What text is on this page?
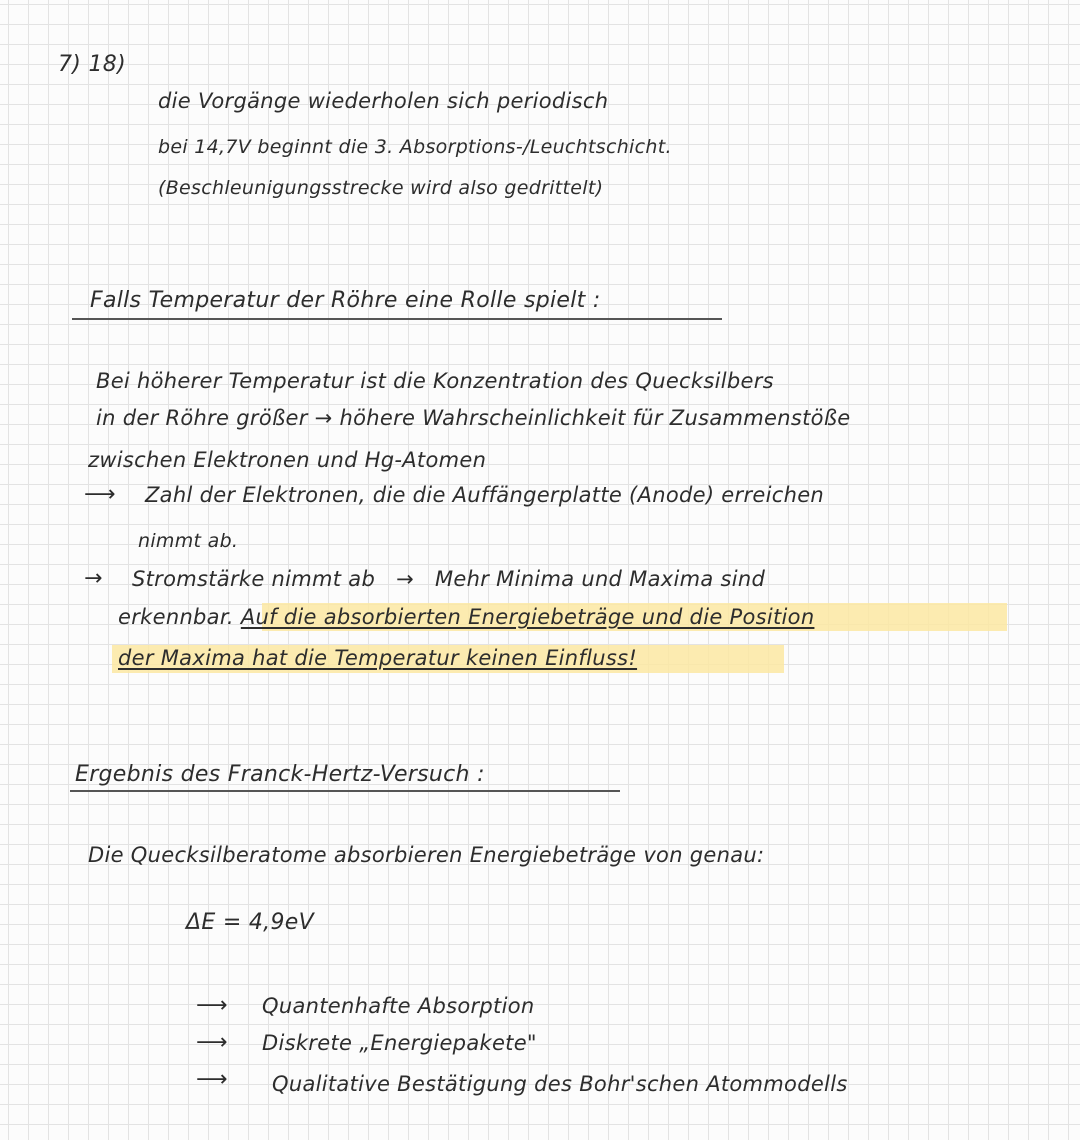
7) 18)
die Vorgänge wiederholen sich periodisch
bei 14,7V beginnt die 3. Absorptions-/Leuchtschicht.
(Beschleunigungsstrecke wird also gedrittelt)
Falls Temperatur der Röhre eine Rolle spielt :
Bei höherer Temperatur ist die Konzentration des Quecksilbers
in der Röhre größer → höhere Wahrscheinlichkeit für Zusammenstöße
zwischen Elektronen und Hg-Atomen
⟶ Zahl der Elektronen, die die Auffängerplatte (Anode) erreichen
nimmt ab.
→ Stromstärke nimmt ab → Mehr Minima und Maxima sind
erkennbar. Auf die absorbierten Energiebeträge und die Position
der Maxima hat die Temperatur keinen Einfluss!
Ergebnis des Franck-Hertz-Versuch :
Die Quecksilberatome absorbieren Energiebeträge von genau:
ΔE = 4,9eV
⟶ Quantenhafte Absorption
⟶ Diskrete „Energiepakete"
⟶ Qualitative Bestätigung des Bohr'schen Atommodells
